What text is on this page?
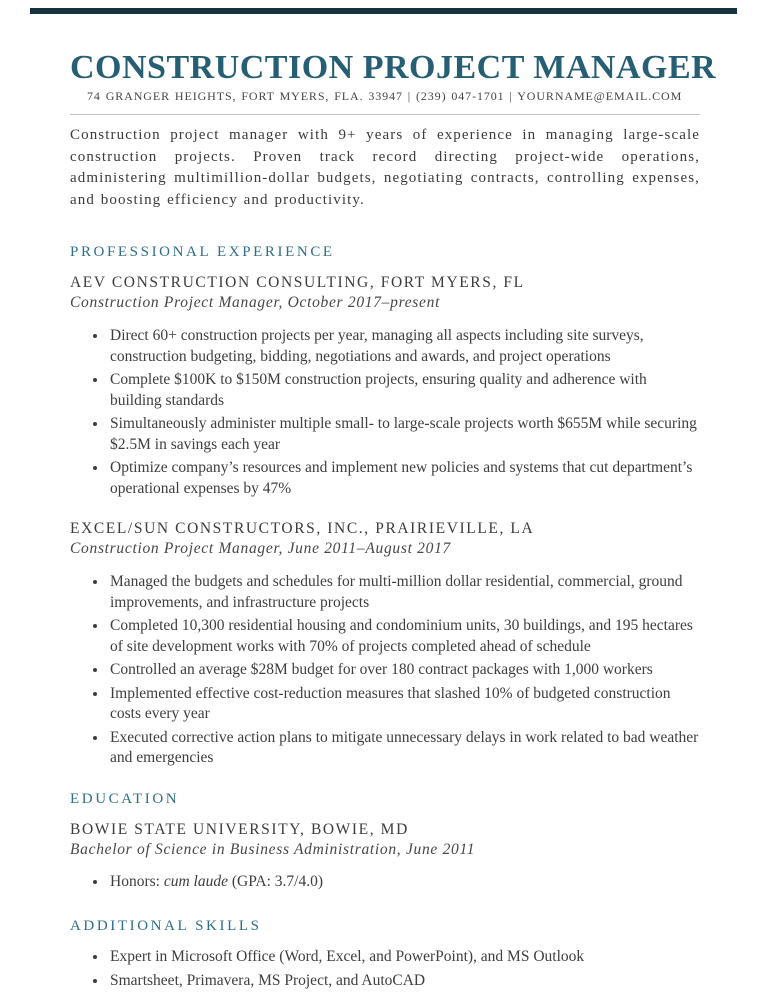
CONSTRUCTION PROJECT MANAGER
74 GRANGER HEIGHTS, FORT MYERS, FLA. 33947 | (239) 047-1701 | YOURNAME@EMAIL.COM

Construction project manager with 9+ years of experience in managing large-scale construction projects. Proven track record directing project-wide operations, administering multimillion-dollar budgets, negotiating contracts, controlling expenses, and boosting efficiency and productivity.

PROFESSIONAL EXPERIENCE
AEV CONSTRUCTION CONSULTING, FORT MYERS, FL
Construction Project Manager, October 2017–present
• Direct 60+ construction projects per year, managing all aspects including site surveys, construction budgeting, bidding, negotiations and awards, and project operations
• Complete $100K to $150M construction projects, ensuring quality and adherence with building standards
• Simultaneously administer multiple small- to large-scale projects worth $655M while securing $2.5M in savings each year
• Optimize company’s resources and implement new policies and systems that cut department’s operational expenses by 47%
EXCEL/SUN CONSTRUCTORS, INC., PRAIRIEVILLE, LA
Construction Project Manager, June 2011–August 2017
• Managed the budgets and schedules for multi-million dollar residential, commercial, ground improvements, and infrastructure projects
• Completed 10,300 residential housing and condominium units, 30 buildings, and 195 hectares of site development works with 70% of projects completed ahead of schedule
• Controlled an average $28M budget for over 180 contract packages with 1,000 workers
• Implemented effective cost-reduction measures that slashed 10% of budgeted construction costs every year
• Executed corrective action plans to mitigate unnecessary delays in work related to bad weather and emergencies
EDUCATION
BOWIE STATE UNIVERSITY, BOWIE, MD
Bachelor of Science in Business Administration, June 2011
• Honors: cum laude (GPA: 3.7/4.0)
ADDITIONAL SKILLS
• Expert in Microsoft Office (Word, Excel, and PowerPoint), and MS Outlook
• Smartsheet, Primavera, MS Project, and AutoCAD
